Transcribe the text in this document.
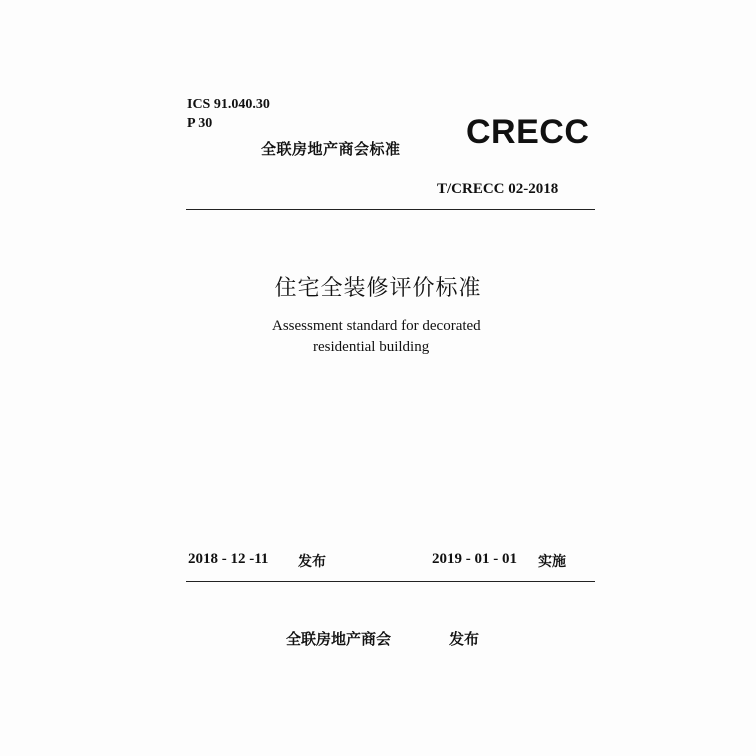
ICS 91.040.30
P 30
全联房地产商会标准 CRECC
T/CRECC 02-2018
住宅全装修评价标准
Assessment standard for decorated
residential building
2018 - 12 -11 发布	2019 - 01 - 01 实施
全联房地产商会	发布
